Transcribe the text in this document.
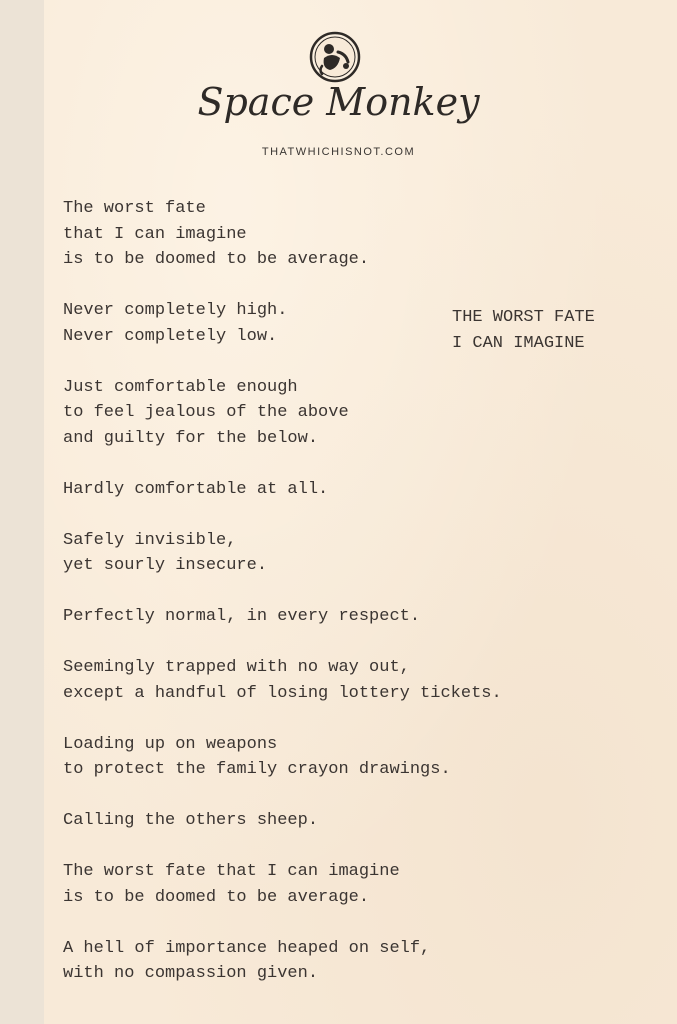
Space Monkey
THATWHICHISNOT.COM
THE WORST FATE
I CAN IMAGINE
The worst fate
that I can imagine
is to be doomed to be average.
Never completely high.
Never completely low.
Just comfortable enough
to feel jealous of the above
and guilty for the below.
Hardly comfortable at all.
Safely invisible,
yet sourly insecure.
Perfectly normal, in every respect.
Seemingly trapped with no way out,
except a handful of losing lottery tickets.
Loading up on weapons
to protect the family crayon drawings.
Calling the others sheep.
The worst fate that I can imagine
is to be doomed to be average.
A hell of importance heaped on self,
with no compassion given.
